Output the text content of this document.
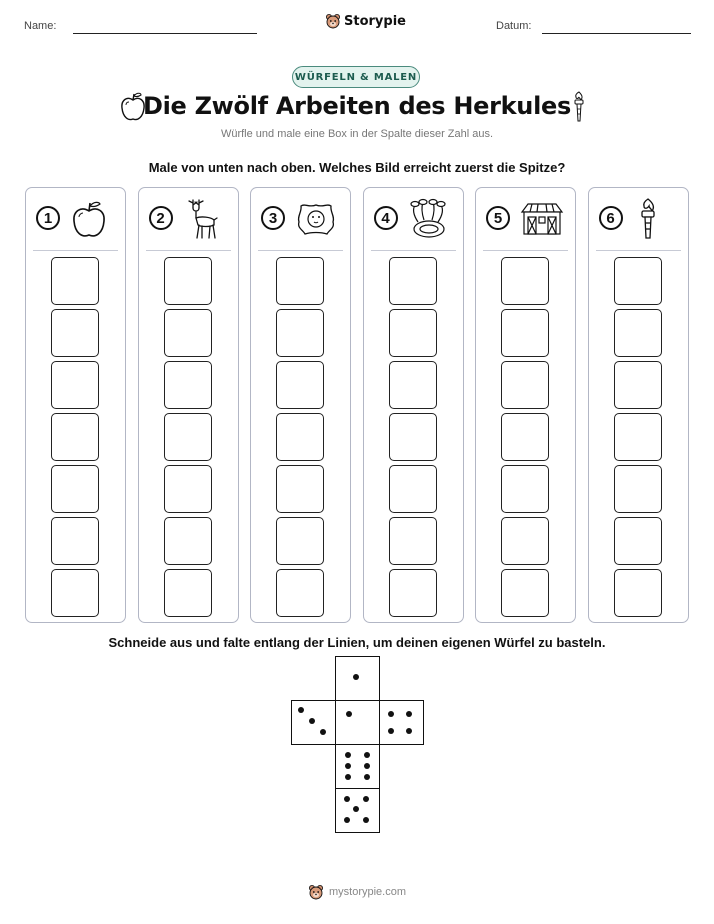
Name:	Storypie	Datum:
WÜRFELN & MALEN
Die Zwölf Arbeiten des Herkules
Würfle und male eine Box in der Spalte dieser Zahl aus.
Male von unten nach oben. Welches Bild erreicht zuerst die Spitze?
1	2	3	4	5	6
Schneide aus und falte entlang der Linien, um deinen eigenen Würfel zu basteln.
mystorypie.com
